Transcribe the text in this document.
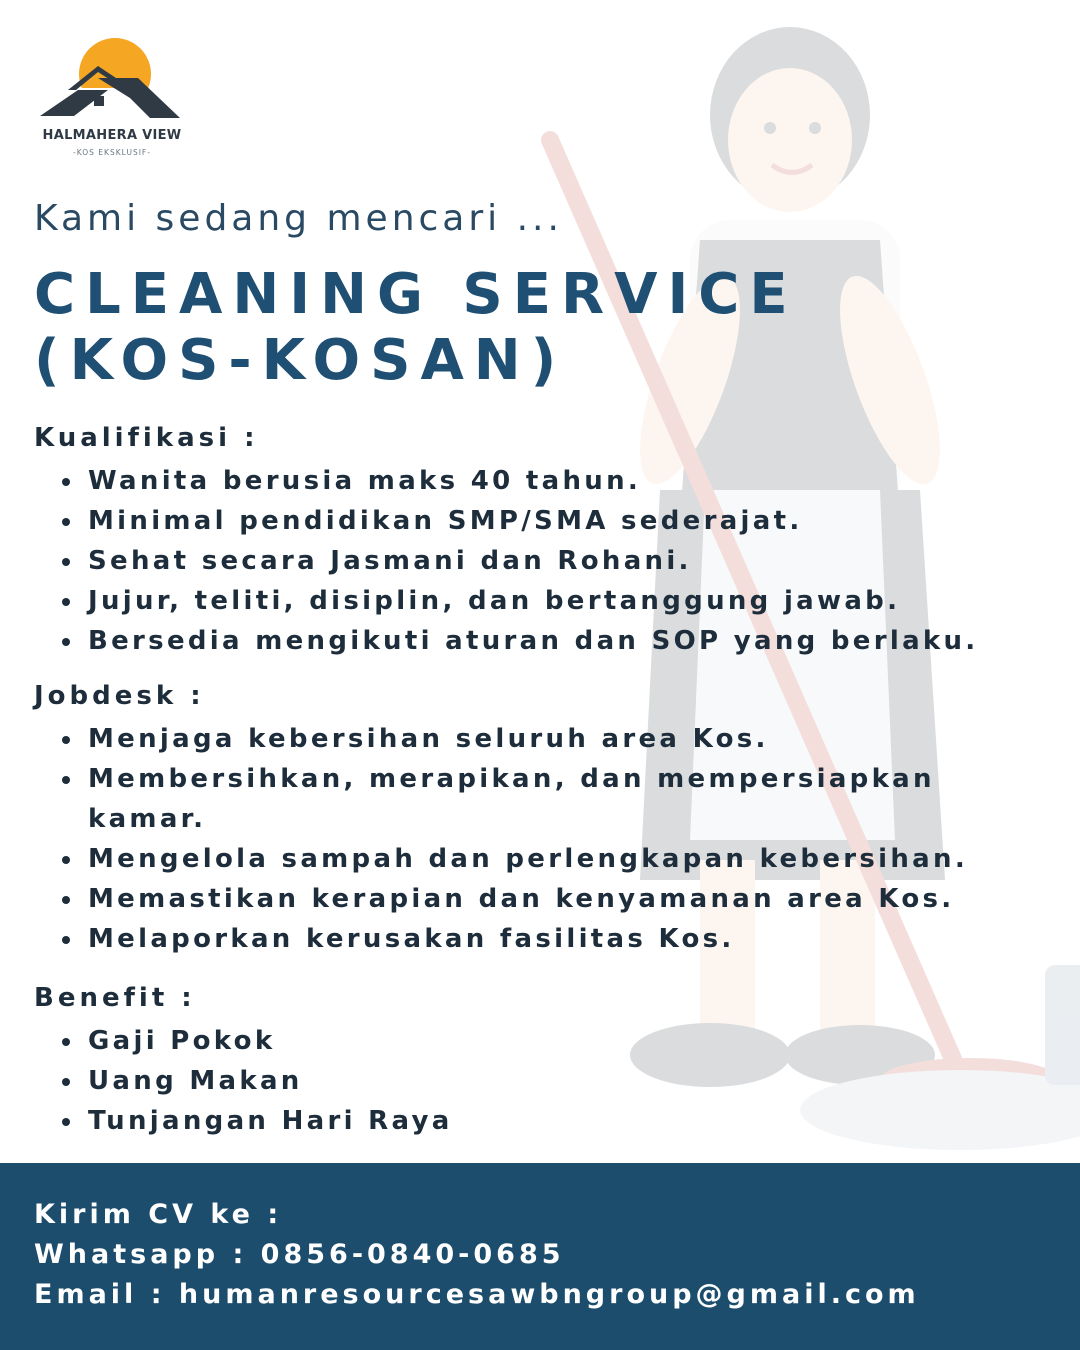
HALMAHERA VIEW
-KOS EKSKLUSIF-

Kami sedang mencari ...

CLEANING SERVICE
(KOS-KOSAN)
Kualifikasi :
Wanita berusia maks 40 tahun.
Minimal pendidikan SMP/SMA sederajat.
Sehat secara Jasmani dan Rohani.
Jujur, teliti, disiplin, dan bertanggung jawab.
Bersedia mengikuti aturan dan SOP yang berlaku.
Jobdesk :
Menjaga kebersihan seluruh area Kos.
Membersihkan, merapikan, dan mempersiapkan
kamar.
Mengelola sampah dan perlengkapan kebersihan.
Memastikan kerapian dan kenyamanan area Kos.
Melaporkan kerusakan fasilitas Kos.
Benefit :
Gaji Pokok
Uang Makan
Tunjangan Hari Raya

Kirim CV ke :

Whatsapp : 0856-0840-0685

Email : humanresourcesawbngroup@gmail.com
